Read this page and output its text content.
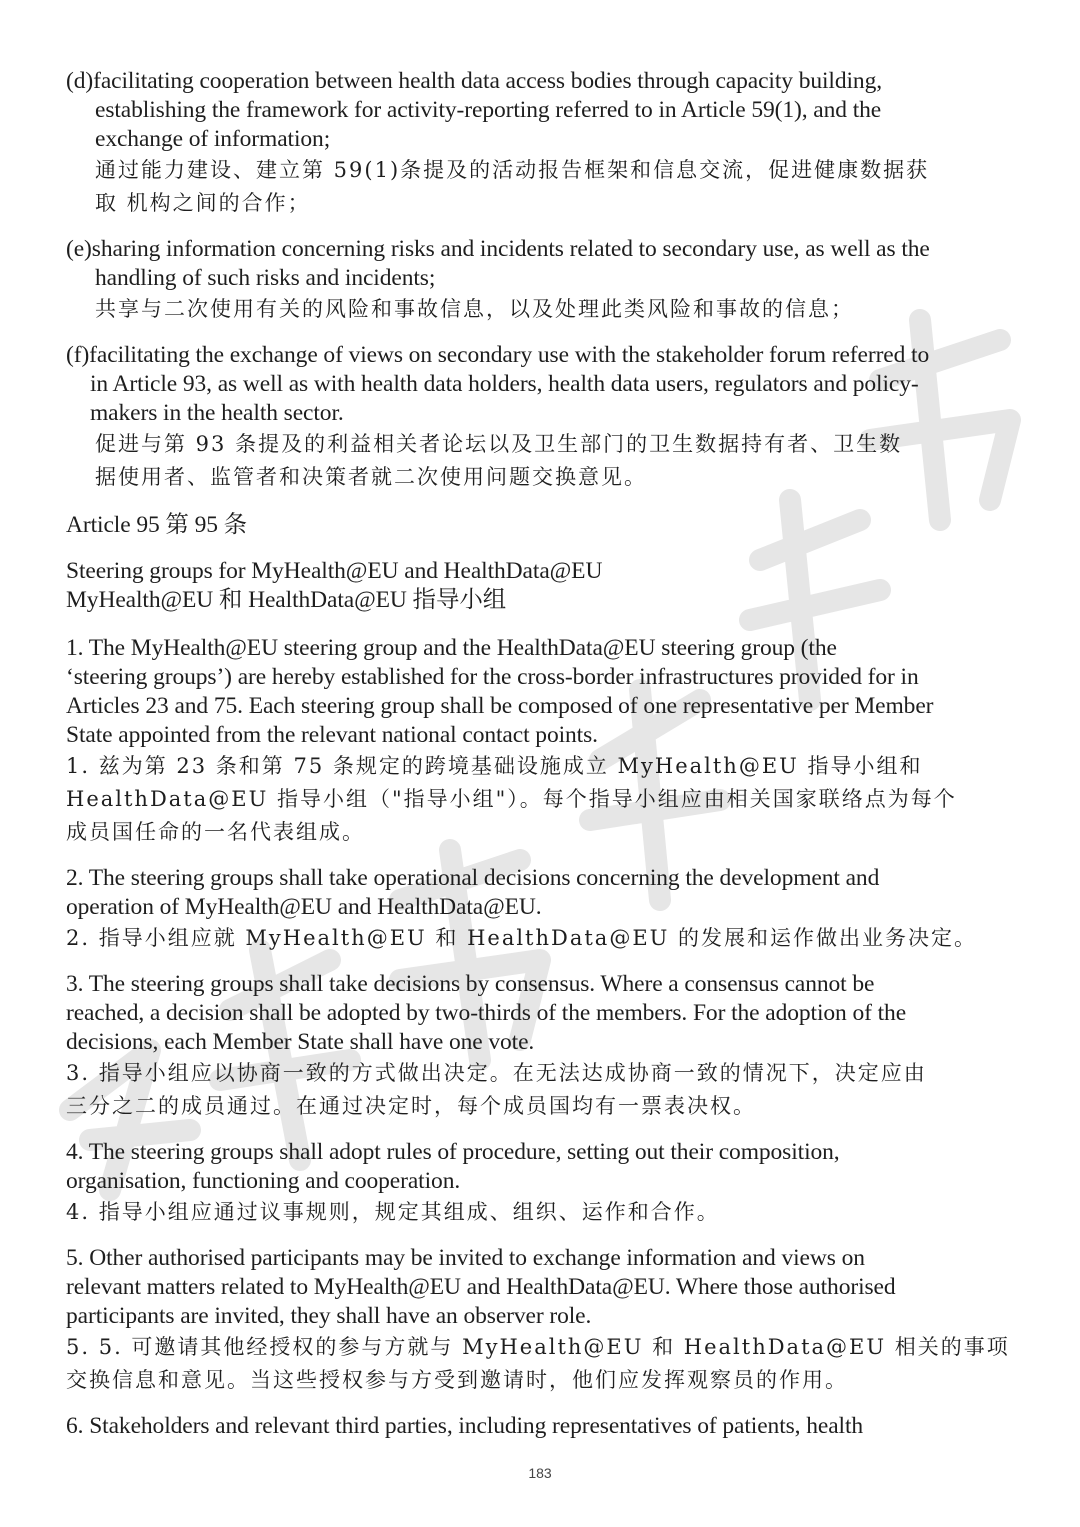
(d)facilitating cooperation between health data access bodies through capacity building,
establishing the framework for activity-reporting referred to in Article 59(1), and the
exchange of information;
通过能力建设、建立第 59(1)条提及的活动报告框架和信息交流，促进健康数据获
取 机构之间的合作；
(e)sharing information concerning risks and incidents related to secondary use, as well as the
handling of such risks and incidents;
共享与二次使用有关的风险和事故信息，以及处理此类风险和事故的信息；
(f)facilitating the exchange of views on secondary use with the stakeholder forum referred to
in Article 93, as well as with health data holders, health data users, regulators and policy-
makers in the health sector.
促进与第 93 条提及的利益相关者论坛以及卫生部门的卫生数据持有者、卫生数
据使用者、监管者和决策者就二次使用问题交换意见。
Article 95 第 95 条
Steering groups for MyHealth@EU and HealthData@EU
MyHealth@EU 和 HealthData@EU 指导小组
1. The MyHealth@EU steering group and the HealthData@EU steering group (the
‘steering groups’) are hereby established for the cross-border infrastructures provided for in
Articles 23 and 75. Each steering group shall be composed of one representative per Member
State appointed from the relevant national contact points.
1. 兹为第 23 条和第 75 条规定的跨境基础设施成立 MyHealth@EU 指导小组和
HealthData@EU 指导小组（"指导小组"）。每个指导小组应由相关国家联络点为每个
成员国任命的一名代表组成。
2. The steering groups shall take operational decisions concerning the development and
operation of MyHealth@EU and HealthData@EU.
2. 指导小组应就 MyHealth@EU 和 HealthData@EU 的发展和运作做出业务决定。
3. The steering groups shall take decisions by consensus. Where a consensus cannot be
reached, a decision shall be adopted by two-thirds of the members. For the adoption of the
decisions, each Member State shall have one vote.
3. 指导小组应以协商一致的方式做出决定。在无法达成协商一致的情况下，决定应由
三分之二的成员通过。在通过决定时，每个成员国均有一票表决权。
4. The steering groups shall adopt rules of procedure, setting out their composition,
organisation, functioning and cooperation.
4. 指导小组应通过议事规则，规定其组成、组织、运作和合作。
5. Other authorised participants may be invited to exchange information and views on
relevant matters related to MyHealth@EU and HealthData@EU. Where those authorised
participants are invited, they shall have an observer role.
5. 5. 可邀请其他经授权的参与方就与 MyHealth@EU 和 HealthData@EU 相关的事项
交换信息和意见。当这些授权参与方受到邀请时，他们应发挥观察员的作用。
6. Stakeholders and relevant third parties, including representatives of patients, health
183
